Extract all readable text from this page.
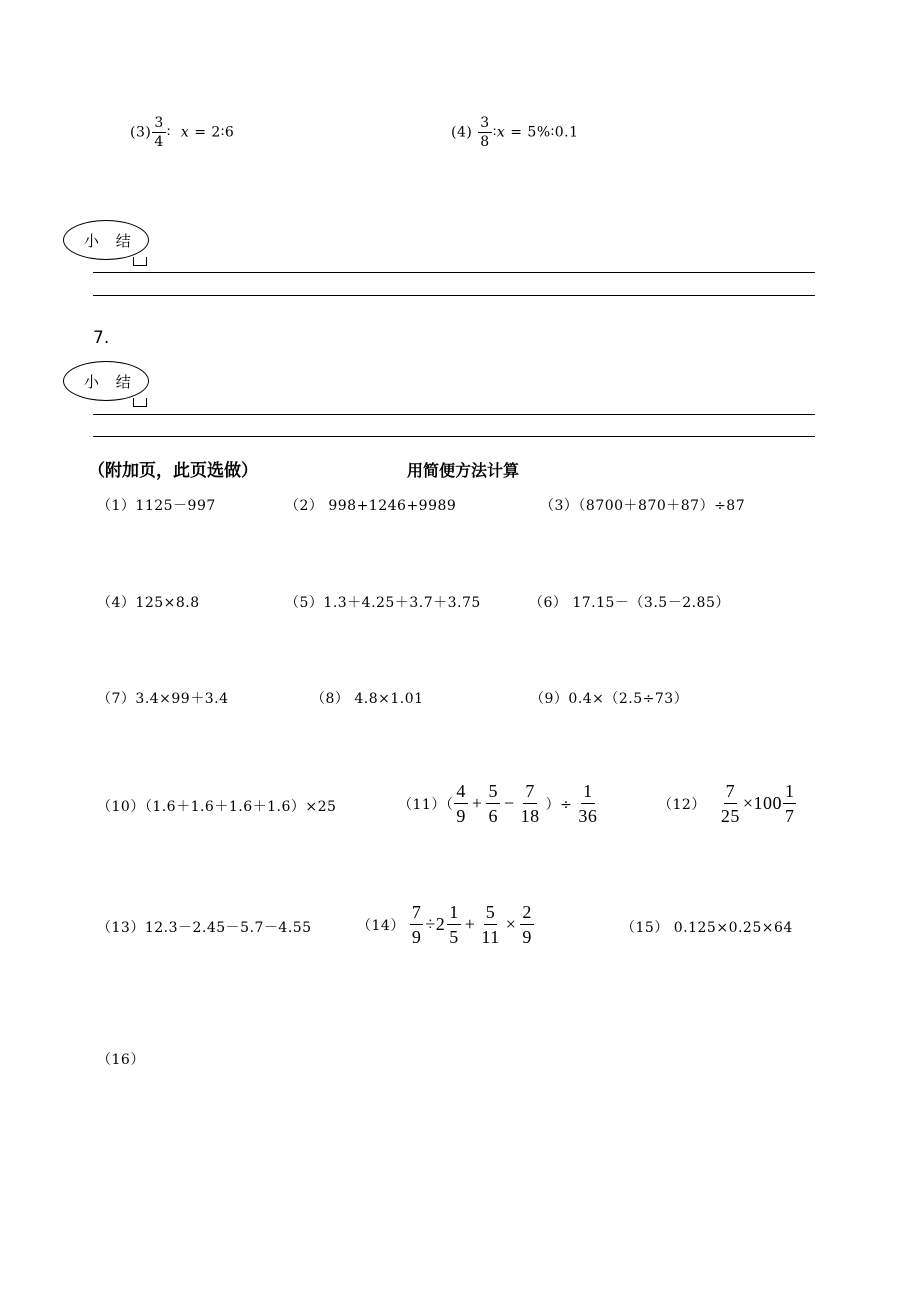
$(3) \frac{3}{4}$ ∶ x = 2∶6	$(4) \frac{3}{8}$ ∶x = 5%∶0.1
小 结
7.
小 结
（附加页，此页选做）	用简便方法计算
（1）1125－997	（2） 998+1246+9989	（3）（8700＋870＋87）÷87
（4）125×8.8	（5）1.3＋4.25＋3.7＋3.75	（6） 17.15－（3.5－2.85）
（7）3.4×99＋3.4	（8） 4.8×1.01	（9）0.4×（2.5÷73）
（10）（1.6＋1.6＋1.6＋1.6）×25	$(11)( \frac{4}{9} + \frac{5}{6} - \frac{7}{18}$ ）÷ $\frac{1}{36}$	$(12) \frac{7}{25} \times 100 \frac{1}{7}$
（13）12.3－2.45－5.7－4.55	$(14) \frac{7}{9} \div 2 \frac{1}{5} + \frac{5}{11} \times \frac{2}{9}$	（15） 0.125×0.25×64
（16）
